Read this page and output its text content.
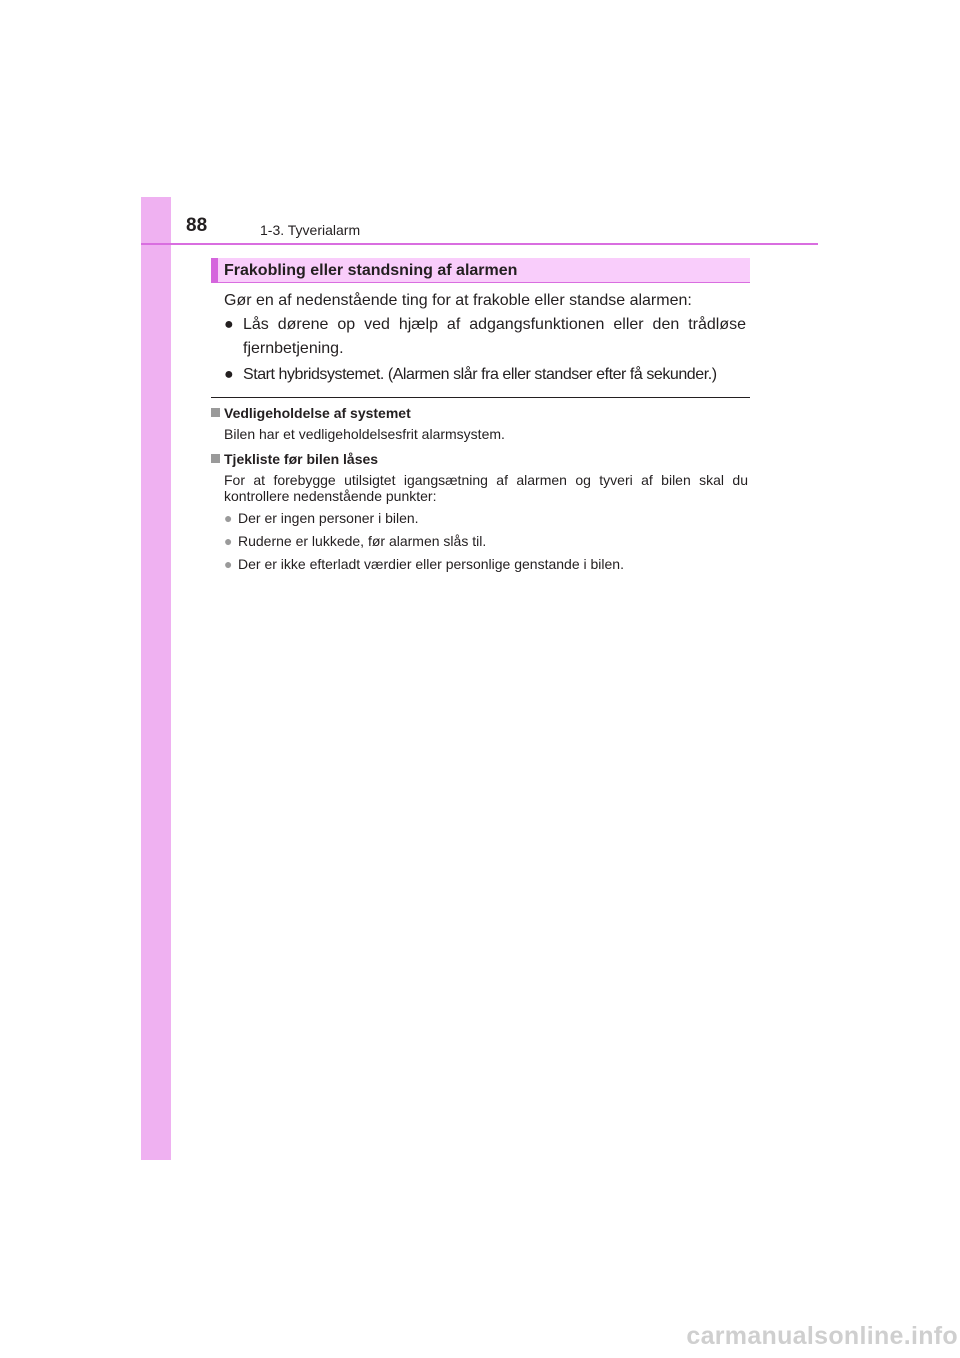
88	1-3. Tyverialarm
Frakobling eller standsning af alarmen
Gør en af nedenstående ting for at frakoble eller standse alarmen:
● Lås dørene op ved hjælp af adgangsfunktionen eller den trådløse fjernbetjening.
● Start hybridsystemet. (Alarmen slår fra eller standser efter få sekunder.)
Vedligeholdelse af systemet
Bilen har et vedligeholdelsesfrit alarmsystem.
Tjekliste før bilen låses
For at forebygge utilsigtet igangsætning af alarmen og tyveri af bilen skal du kontrollere nedenstående punkter:
● Der er ingen personer i bilen.
● Ruderne er lukkede, før alarmen slås til.
● Der er ikke efterladt værdier eller personlige genstande i bilen.
carmanualsonline.info
